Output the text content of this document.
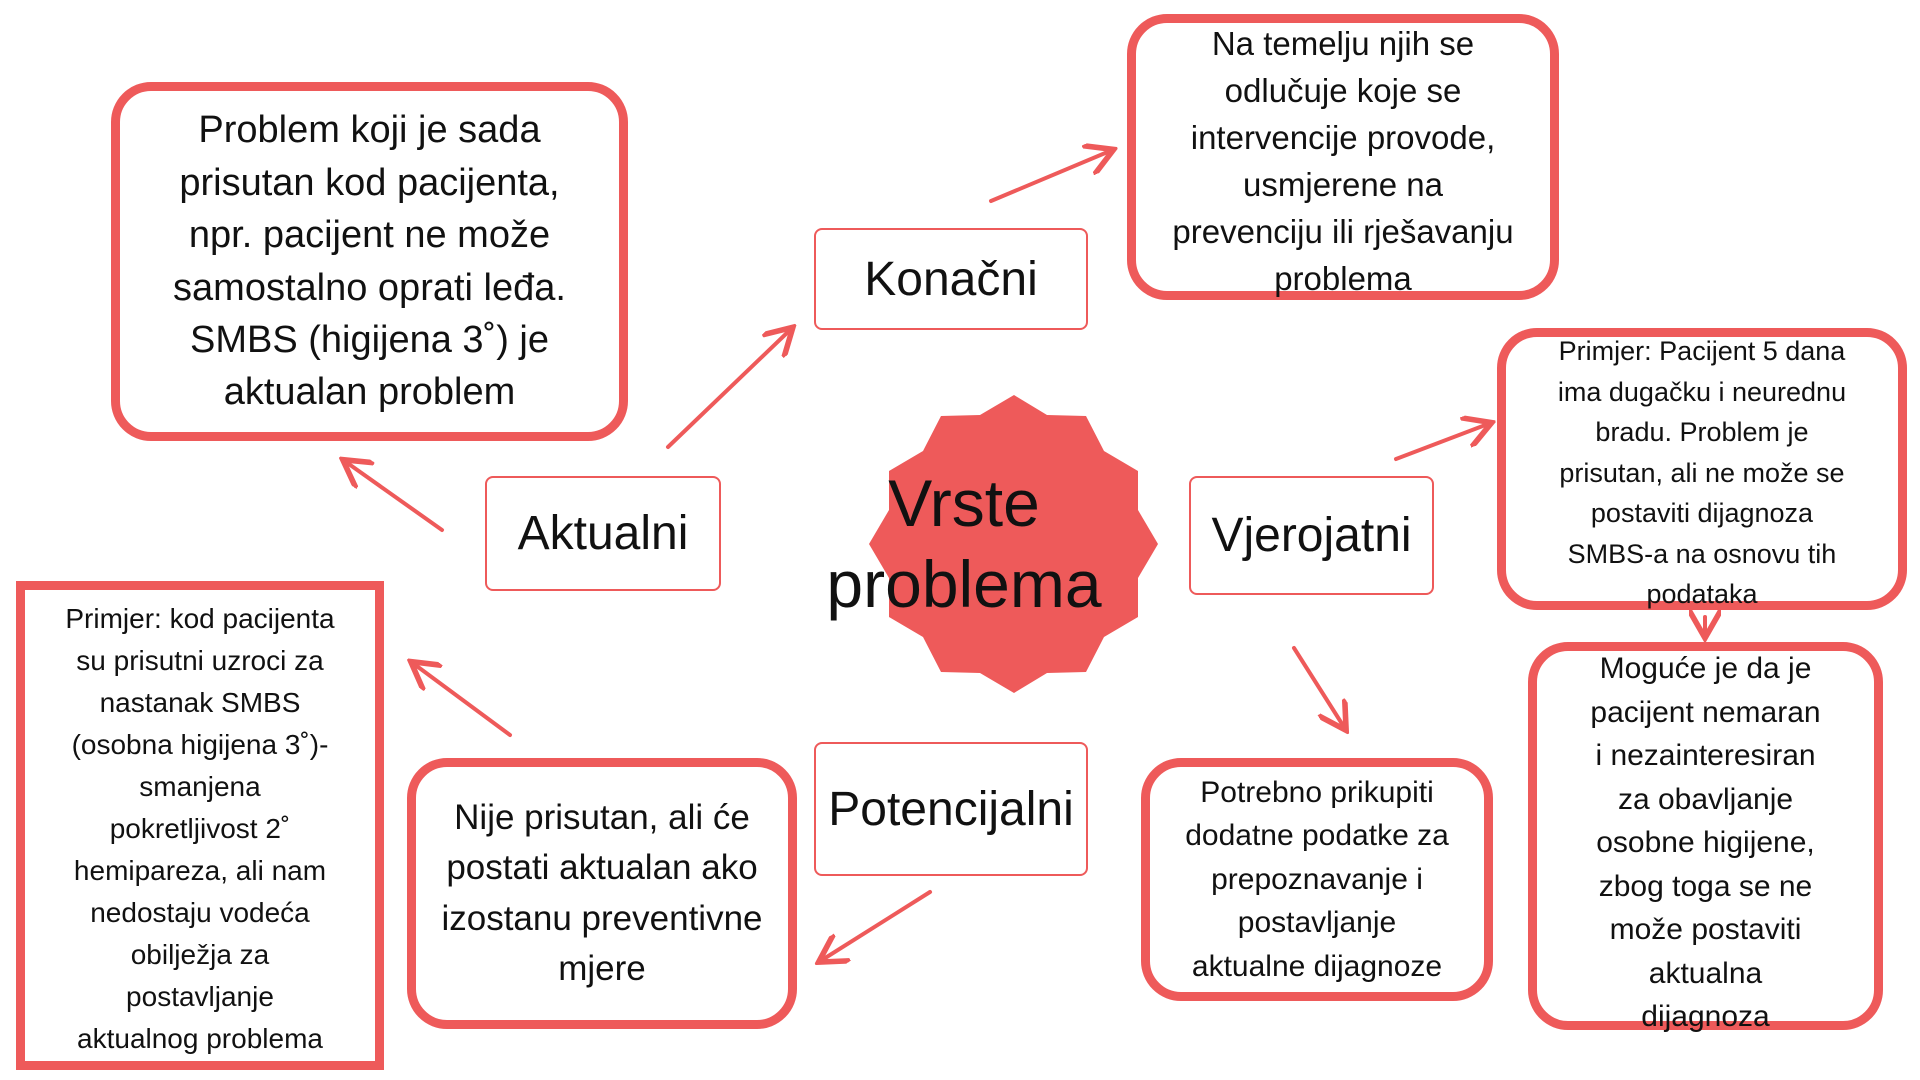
Vrste
problema
Konačni
Aktualni	Vjerojatni
Potencijalni
Problem koji je sada
prisutan kod pacijenta,
npr. pacijent ne može
samostalno oprati leđa.
SMBS (higijena 3˚) je
aktualan problem
Na temelju njih se
odlučuje koje se
intervencije provode,
usmjerene na
prevenciju ili rješavanju
problema
Primjer: Pacijent 5 dana
ima dugačku i neurednu
bradu. Problem je
prisutan, ali ne može se
postaviti dijagnoza
SMBS-a na osnovu tih
podataka
Moguće je da je
pacijent nemaran
i nezainteresiran
za obavljanje
osobne higijene,
zbog toga se ne
može postaviti
aktualna
dijagnoza
Potrebno prikupiti
dodatne podatke za
prepoznavanje i
postavljanje
aktualne dijagnoze
Nije prisutan, ali će
postati aktualan ako
izostanu preventivne
mjere
Primjer: kod pacijenta
su prisutni uzroci za
nastanak SMBS
(osobna higijena 3˚)-
smanjena
pokretljivost 2˚
hemipareza, ali nam
nedostaju vodeća
obilježja za
postavljanje
aktualnog problema
